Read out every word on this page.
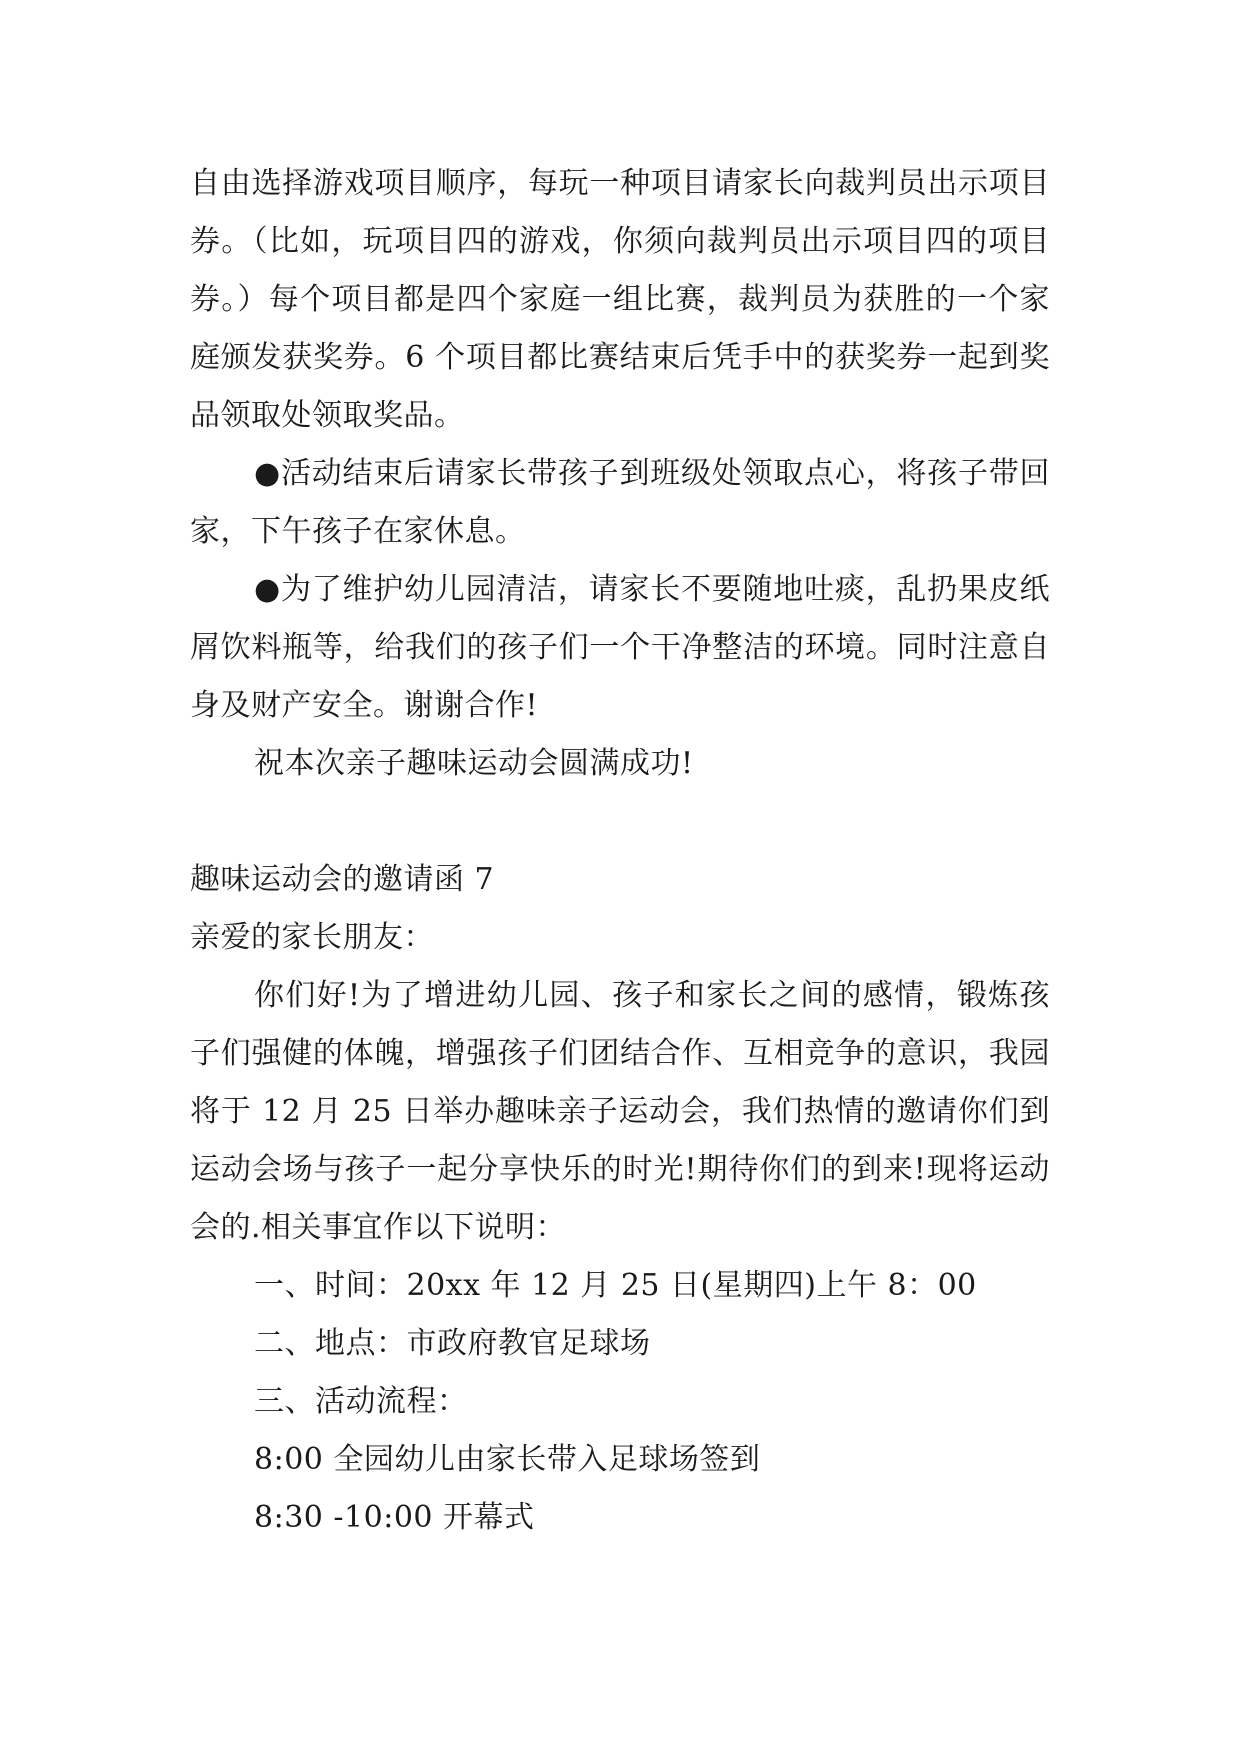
自由选择游戏项目顺序，每玩一种项目请家长向裁判员出示项目券。（比如，玩项目四的游戏，你须向裁判员出示项目四的项目券。）每个项目都是四个家庭一组比赛，裁判员为获胜的一个家庭颁发获奖券。6 个项目都比赛结束后凭手中的获奖券一起到奖品领取处领取奖品。

●活动结束后请家长带孩子到班级处领取点心，将孩子带回家，下午孩子在家休息。

●为了维护幼儿园清洁，请家长不要随地吐痰，乱扔果皮纸屑饮料瓶等，给我们的孩子们一个干净整洁的环境。同时注意自身及财产安全。谢谢合作!

祝本次亲子趣味运动会圆满成功!

趣味运动会的邀请函 7

亲爱的家长朋友：

你们好!为了增进幼儿园、孩子和家长之间的感情，锻炼孩子们强健的体魄，增强孩子们团结合作、互相竞争的意识，我园将于 12 月 25 日举办趣味亲子运动会，我们热情的邀请你们到运动会场与孩子一起分享快乐的时光!期待你们的到来!现将运动会的.相关事宜作以下说明：

一、时间：20xx 年 12 月 25 日(星期四)上午 8：00

二、地点：市政府教官足球场

三、活动流程：

8:00 全园幼儿由家长带入足球场签到

8:30 -10:00 开幕式
